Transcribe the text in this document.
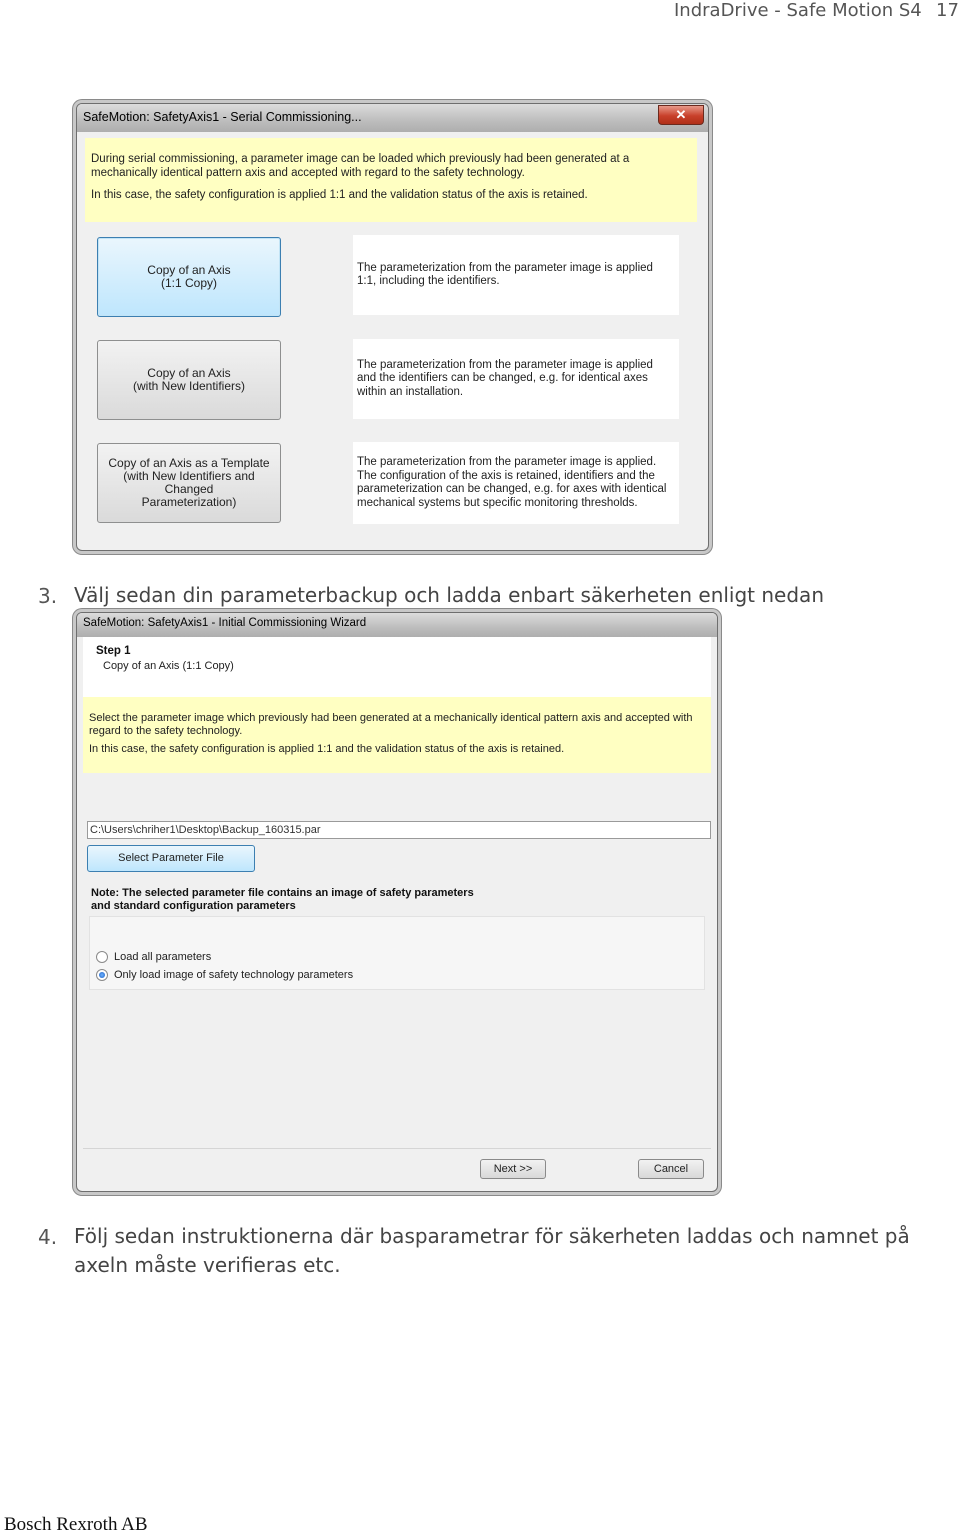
IndraDrive - Safe Motion S4 17
SafeMotion: SafetyAxis1 - Serial Commissioning...	✕

During serial commissioning, a parameter image can be loaded which previously had been generated at a mechanically identical pattern axis and accepted with regard to the safety technology.

In this case, the safety configuration is applied 1:1 and the validation status of the axis is retained.

Copy of an Axis
(1:1 Copy)
The parameterization from the parameter image is applied 1:1, including the identifiers.
Copy of an Axis
(with New Identifiers)
The parameterization from the parameter image is applied and the identifiers can be changed, e.g. for identical axes within an installation.
Copy of an Axis as a Template
(with New Identifiers and Changed
Parameterization)
The parameterization from the parameter image is applied. The configuration of the axis is retained, identifiers and the parameterization can be changed, e.g. for axes with identical mechanical systems but specific monitoring thresholds.
3. Välj sedan din parameterbackup och ladda enbart säkerheten enligt nedan
SafeMotion: SafetyAxis1 - Initial Commissioning Wizard
Step 1
Copy of an Axis (1:1 Copy)

Select the parameter image which previously had been generated at a mechanically identical pattern axis and accepted with regard to the safety technology.

In this case, the safety configuration is applied 1:1 and the validation status of the axis is retained.

C:\Users\chriher1\Desktop\Backup_160315.par
Select Parameter File
Note: The selected parameter file contains an image of safety parameters
and standard configuration parameters
Load all parameters
Only load image of safety technology parameters
Next >>	Cancel
4. Följ sedan instruktionerna där basparametrar för säkerheten laddas och namnet på
axeln måste verifieras etc.
Bosch Rexroth AB
